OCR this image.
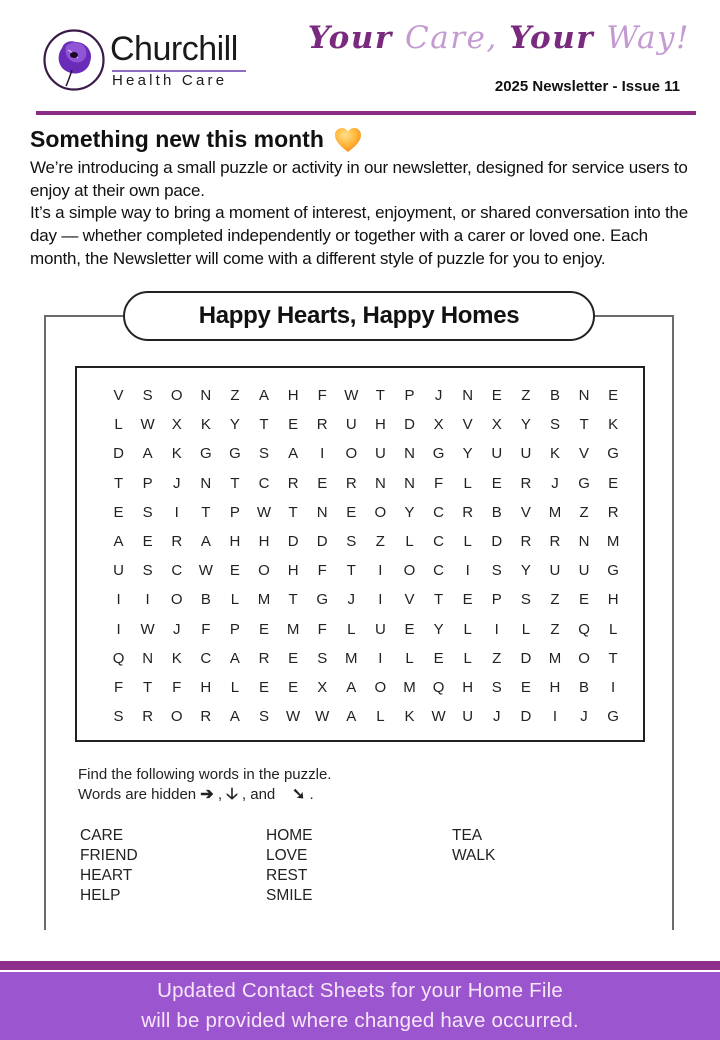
Churchill
Health Care
Your Care, Your Way!
2025 Newsletter - Issue 11
Something new this month

We’re introducing a small puzzle or activity in our newsletter, designed for service users to enjoy at their own pace.

It’s a simple way to bring a moment of interest, enjoyment, or shared conversation into the day — whether completed independently or together with a carer or loved one. Each month, the Newsletter will come with a different style of puzzle for you to enjoy.

Happy Hearts, Happy Homes
V	S	O	N	Z	A	H	F	W	T	P	J	N	E	Z	B	N	E
L	W	X	K	Y	T	E	R	U	H	D	X	V	X	Y	S	T	K
D	A	K	G	G	S	A	I	O	U	N	G	Y	U	U	K	V	G
T	P	J	N	T	C	R	E	R	N	N	F	L	E	R	J	G	E
E	S	I	T	P	W	T	N	E	O	Y	C	R	B	V	M	Z	R
A	E	R	A	H	H	D	D	S	Z	L	C	L	D	R	R	N	M
U	S	C	W	E	O	H	F	T	I	O	C	I	S	Y	U	U	G
I	I	O	B	L	M	T	G	J	I	V	T	E	P	S	Z	E	H
I	W	J	F	P	E	M	F	L	U	E	Y	L	I	L	Z	Q	L
Q	N	K	C	A	R	E	S	M	I	L	E	L	Z	D	M	O	T
F	T	F	H	L	E	E	X	A	O	M	Q	H	S	E	H	B	I
S	R	O	R	A	S	W W	A	L	K	W	U	J	D	I	J	G
Find the following words in the puzzle.
Words are hidden ➔ , 🡣 , and    ➘ .
CARE
FRIEND
HEART
HELP
HOME
LOVE
REST
SMILE
TEA
WALK
Updated Contact Sheets for your Home File
will be provided where changed have occurred.
